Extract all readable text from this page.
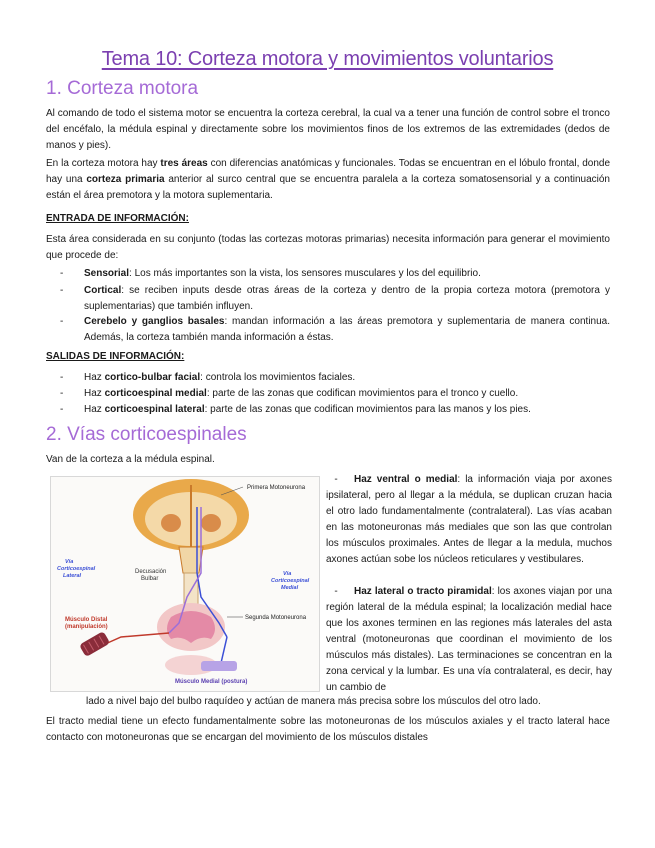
Tema 10: Corteza motora y movimientos voluntarios
1. Corteza motora

Al comando de todo el sistema motor se encuentra la corteza cerebral, la cual va a tener una función de control sobre el tronco del encéfalo, la médula espinal y directamente sobre los movimientos finos de los extremos de las extremidades (dedos de manos y pies).

En la corteza motora hay tres áreas con diferencias anatómicas y funcionales. Todas se encuentran en el lóbulo frontal, donde hay una corteza primaria anterior al surco central que se encuentra paralela a la corteza somatosensorial y a continuación están el área premotora y la motora suplementaria.

ENTRADA DE INFORMACIÓN:

Esta área considerada en su conjunto (todas las cortezas motoras primarias) necesita información para generar el movimiento que procede de:

- Sensorial: Los más importantes son la vista, los sensores musculares y los del equilibrio.
- Cortical: se reciben inputs desde otras áreas de la corteza y dentro de la propia corteza motora (premotora y suplementarias) que también influyen.
- Cerebelo y ganglios basales: mandan información a las áreas premotora y suplementaria de manera continua. Además, la corteza también manda información a éstas.

SALIDAS DE INFORMACIÓN:

- Haz cortico-bulbar facial: controla los movimientos faciales.
- Haz corticoespinal medial: parte de las zonas que codifican movimientos para el tronco y cuello.
- Haz corticoespinal lateral: parte de las zonas que codifican movimientos para las manos y los pies.
2. Vías corticoespinales

Van de la corteza a la médula espinal.

Primera Motoneurona
Decusación
Bulbar
Vía
Corticoespinal
Lateral	Vía
Corticoespinal
Medial
Segunda Motoneurona
Músculo Distal
(manipulación)
Músculo Medial (postura)

- Haz ventral o medial: la información viaja por axones ipsilateral, pero al llegar a la médula, se duplican cruzan hacia el otro lado fundamentalmente (contralateral). Las vías acaban en las motoneuronas más mediales que son las que controlan los músculos proximales. Antes de llegar a la medula, muchos axones actúan sobe los núcleos reticulares y vestibulares.

- Haz lateral o tracto piramidal: los axones viajan por una región lateral de la médula espinal; la localización medial hace que los axones terminen en las regiones más laterales del asta ventral (motoneuronas que coordinan el movimiento de los músculos más distales). Las terminaciones se concentran en la zona cervical y la lumbar. Es una vía contralateral, es decir, hay un cambio de

lado a nivel bajo del bulbo raquídeo y actúan de manera más precisa sobre los músculos del otro lado.

El tracto medial tiene un efecto fundamentalmente sobre las motoneuronas de los músculos axiales y el tracto lateral hace contacto con motoneuronas que se encargan del movimiento de los músculos distales
